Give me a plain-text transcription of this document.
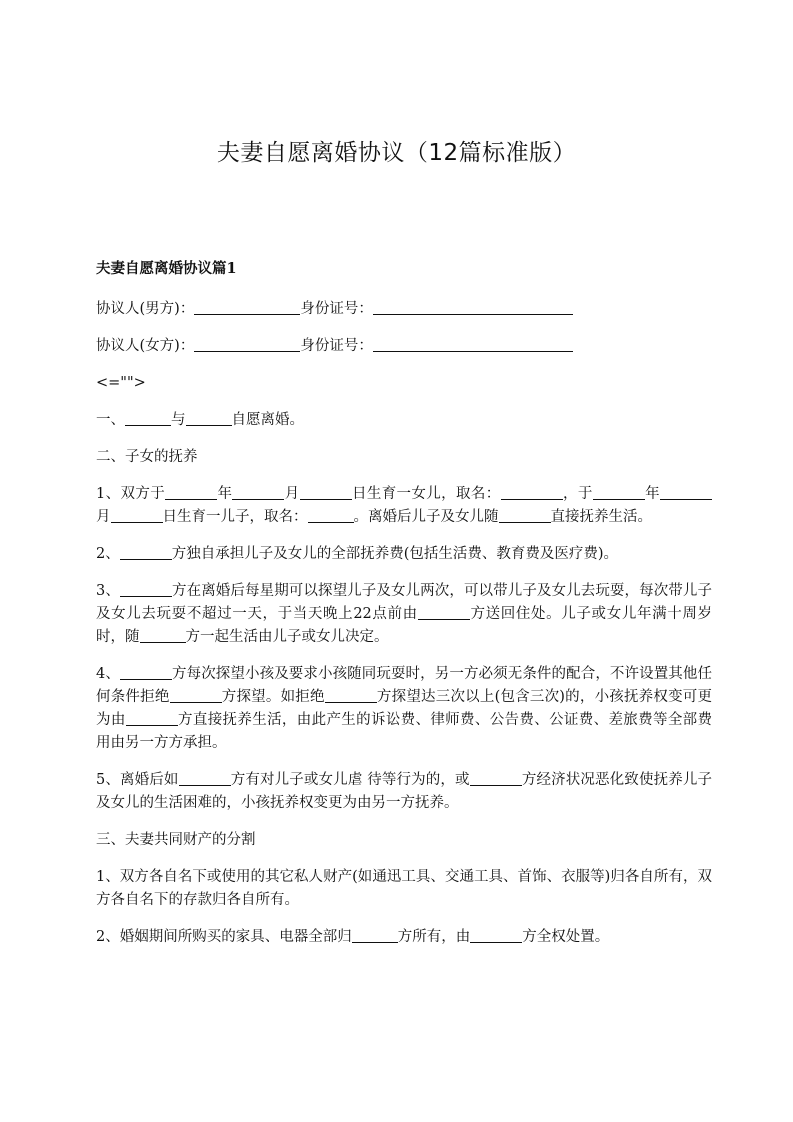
夫妻自愿离婚协议（12篇标准版）
夫妻自愿离婚协议篇1

协议人(男方)：	身份证号：

协议人(女方)：	身份证号：

<="">

一、	与	自愿离婚。

二、子女的抚养

1、双方于	年	月	日生育一女儿，取名：	，于	年月	日生育一儿子，取名：	。离婚后儿子及女儿随	直接抚养生活。

2、	方独自承担儿子及女儿的全部抚养费(包括生活费、教育费及医疗费)。

3、	方在离婚后每星期可以探望儿子及女儿两次，可以带儿子及女儿去玩耍，每次带儿子及女儿去玩耍不超过一天，于当天晚上22点前由	方送回住处。儿子或女儿年满十周岁时，随	方一起生活由儿子或女儿决定。

4、	方每次探望小孩及要求小孩随同玩耍时，另一方必须无条件的配合，不许设置其他任何条件拒绝	方探望。如拒绝	方探望达三次以上(包含三次)的，小孩抚养权变可更为由	方直接抚养生活，由此产生的诉讼费、律师费、公告费、公证费、差旅费等全部费用由另一方方承担。

5、离婚后如	方有对儿子或女儿虐 待等行为的，或	方经济状况恶化致使抚养儿子及女儿的生活困难的，小孩抚养权变更为由另一方抚养。

三、夫妻共同财产的分割

1、双方各自名下或使用的其它私人财产(如通迅工具、交通工具、首饰、衣服等)归各自所有，双方各自名下的存款归各自所有。

2、婚姻期间所购买的家具、电器全部归	方所有，由	方全权处置。
